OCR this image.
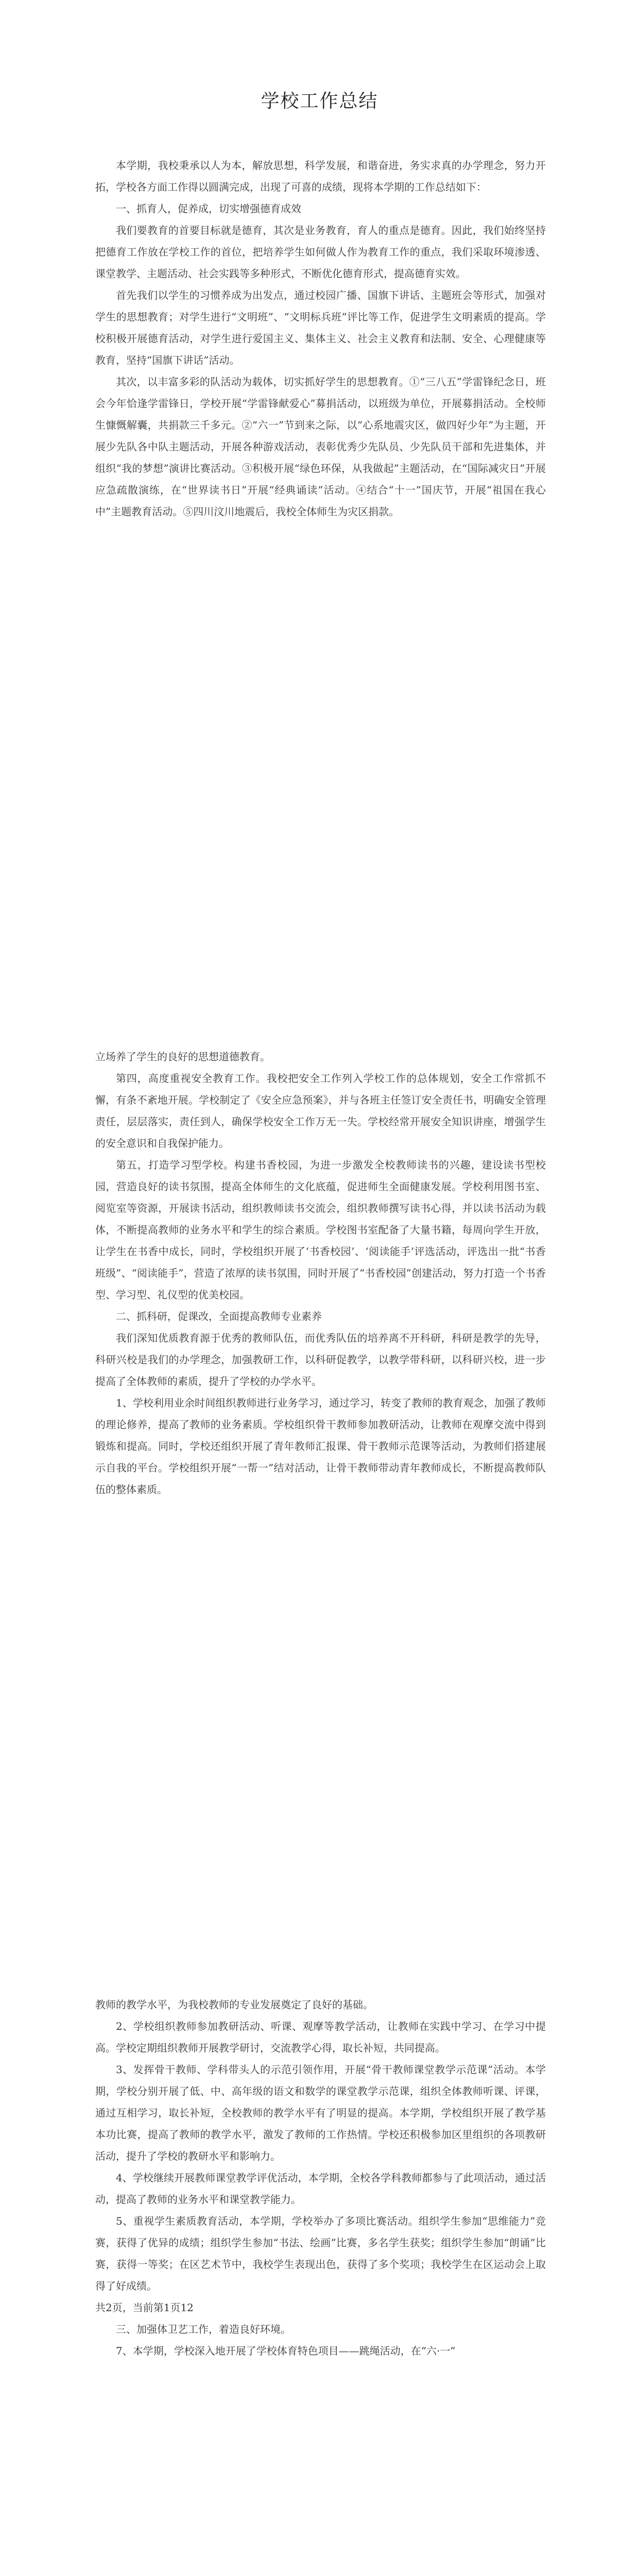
学校工作总结

本学期，我校秉承以人为本，解放思想，科学发展，和谐奋进，务实求真的办学理念，努力开拓，学校各方面工作得以圆满完成，出现了可喜的成绩，现将本学期的工作总结如下：

一、抓育人，促养成，切实增强德育成效

我们要教育的首要目标就是德育，其次是业务教育，育人的重点是德育。因此，我们始终坚持把德育工作放在学校工作的首位，把培养学生如何做人作为教育工作的重点，我们采取环境渗透、课堂教学、主题活动、社会实践等多种形式，不断优化德育形式，提高德育实效。

首先我们以学生的习惯养成为出发点，通过校园广播、国旗下讲话、主题班会等形式，加强对学生的思想教育；对学生进行“文明班”、“文明标兵班”评比等工作，促进学生文明素质的提高。学校积极开展德育活动，对学生进行爱国主义、集体主义、社会主义教育和法制、安全、心理健康等教育，坚持“国旗下讲话”活动。

其次，以丰富多彩的队活动为载体，切实抓好学生的思想教育。①“三八五”学雷锋纪念日，班会今年恰逢学雷锋日，学校开展“学雷锋献爱心”募捐活动，以班级为单位，开展募捐活动。全校师生慷慨解囊，共捐款三千多元。②“六一”节到来之际，以“心系地震灾区，做四好少年”为主题，开展少先队各中队主题活动，开展各种游戏活动，表彰优秀少先队员、少先队员干部和先进集体，并组织“我的梦想”演讲比赛活动。③积极开展“绿色环保，从我做起”主题活动，在“国际减灾日”开展应急疏散演练，在“世界读书日”开展“经典诵读”活动。④结合“十一”国庆节，开展“祖国在我心中”主题教育活动。⑤四川汶川地震后，我校全体师生为灾区捐款。

立场养了学生的良好的思想道德教育。

第四，高度重视安全教育工作。我校把安全工作列入学校工作的总体规划，安全工作常抓不懈，有条不紊地开展。学校制定了《安全应急预案》，并与各班主任签订安全责任书，明确安全管理责任，层层落实，责任到人，确保学校安全工作万无一失。学校经常开展安全知识讲座，增强学生的安全意识和自我保护能力。

第五，打造学习型学校。构建书香校园，为进一步激发全校教师读书的兴趣，建设读书型校园，营造良好的读书氛围，提高全体师生的文化底蕴，促进师生全面健康发展。学校利用图书室、阅览室等资源，开展读书活动，组织教师读书交流会，组织教师撰写读书心得，并以读书活动为载体，不断提高教师的业务水平和学生的综合素质。学校图书室配备了大量书籍，每周向学生开放，让学生在书香中成长，同时，学校组织开展了‘书香校园’、‘阅读能手’评选活动，评选出一批“书香班级”、“阅读能手”，营造了浓厚的读书氛围，同时开展了“书香校园”创建活动，努力打造一个书香型、学习型、礼仪型的优美校园。

二、抓科研，促课改，全面提高教师专业素养

我们深知优质教育源于优秀的教师队伍，而优秀队伍的培养离不开科研，科研是教学的先导，科研兴校是我们的办学理念，加强教研工作，以科研促教学，以教学带科研，以科研兴校，进一步提高了全体教师的素质，提升了学校的办学水平。

1、学校利用业余时间组织教师进行业务学习，通过学习，转变了教师的教育观念，加强了教师的理论修养，提高了教师的业务素质。学校组织骨干教师参加教研活动，让教师在观摩交流中得到锻炼和提高。同时，学校还组织开展了青年教师汇报课、骨干教师示范课等活动，为教师们搭建展示自我的平台。学校组织开展“一帮一”结对活动，让骨干教师带动青年教师成长，不断提高教师队伍的整体素质。

教师的教学水平，为我校教师的专业发展奠定了良好的基础。

2、学校组织教师参加教研活动、听课、观摩等教学活动，让教师在实践中学习、在学习中提高。学校定期组织教师开展教学研讨，交流教学心得，取长补短，共同提高。

3、发挥骨干教师、学科带头人的示范引领作用，开展“骨干教师课堂教学示范课”活动。本学期，学校分别开展了低、中、高年级的语文和数学的课堂教学示范课，组织全体教师听课、评课，通过互相学习，取长补短，全校教师的教学水平有了明显的提高。本学期，学校组织开展了教学基本功比赛，提高了教师的教学水平，激发了教师的工作热情。学校还积极参加区里组织的各项教研活动，提升了学校的教研水平和影响力。

4、学校继续开展教师课堂教学评优活动，本学期，全校各学科教师都参与了此项活动，通过活动，提高了教师的业务水平和课堂教学能力。

5、重视学生素质教育活动，本学期，学校举办了多项比赛活动。组织学生参加“思维能力”竞赛，获得了优异的成绩；组织学生参加“书法、绘画”比赛，多名学生获奖；组织学生参加“朗诵”比赛，获得一等奖；在区艺术节中，我校学生表现出色，获得了多个奖项；我校学生在区运动会上取得了好成绩。

共2页，当前第1页12

三、加强体卫艺工作，着造良好环境。

7、本学期，学校深入地开展了学校体育特色项目——跳绳活动，在“六·一”
